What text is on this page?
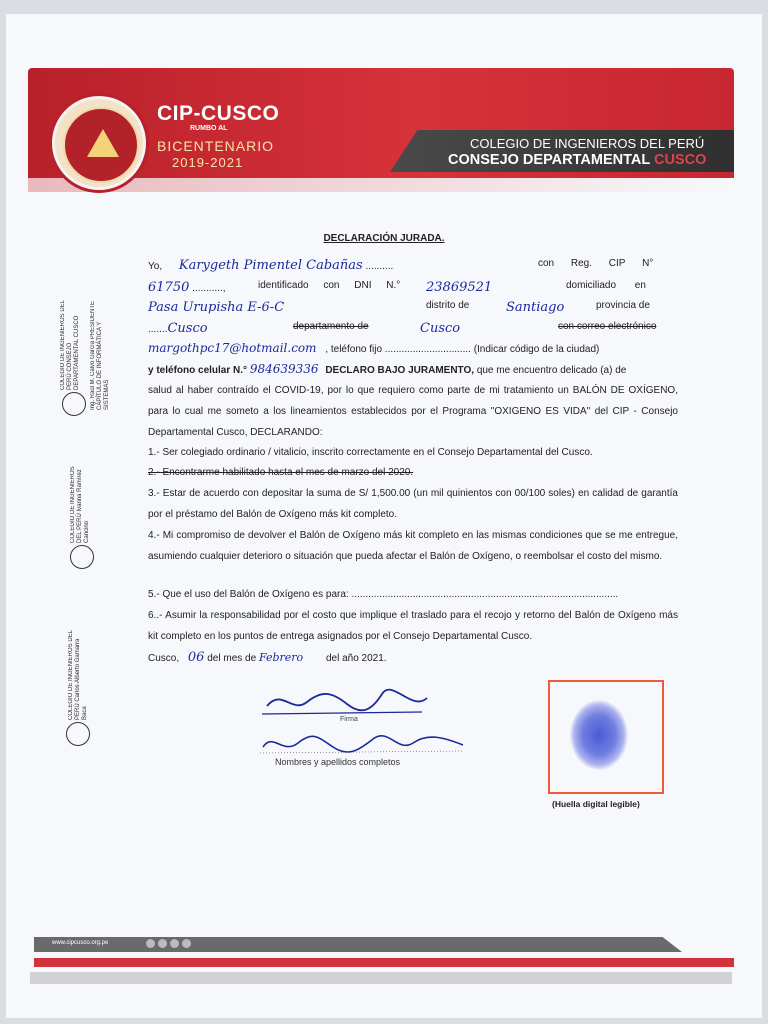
CIP-CUSCO
RUMBO AL
BICENTENARIO
2019-2021
COLEGIO DE INGENIEROS DEL PERÚ
CONSEJO DEPARTAMENTAL CUSCO
DECLARACIÓN JURADA.
Yo, Karygeth Pimentel Cabañas ..........	con Reg. CIP N°
61750 ...........,	identificado con DNI N.° 23869521	domiciliado en
Pasa Urupisha E-6-C	distrito de	Santiago	provincia de
.......Cusco	departamento de	Cusco	con correo electrónico
margothpc17@hotmail.com , teléfono fijo ............................... (Indicar código de la ciudad)
y teléfono celular N.° 984639336 DECLARO BAJO JURAMENTO, que me encuentro delicado (a) de
salud al haber contraído el COVID-19, por lo que requiero como parte de mi tratamiento un BALÓN DE OXÍGENO, para lo cual me someto a los lineamientos establecidos por el Programa "OXIGENO ES VIDA" del CIP - Consejo Departamental Cusco, DECLARANDO:
1.- Ser colegiado ordinario / vitalicio, inscrito correctamente en el Consejo Departamental del Cusco.
2.- Encontrarme habilitado hasta el mes de marzo del 2020.
3.- Estar de acuerdo con depositar la suma de S/ 1,500.00 (un mil quinientos con 00/100 soles) en calidad de garantía por el préstamo del Balón de Oxígeno más kit completo.
4.- Mi compromiso de devolver el Balón de Oxígeno más kit completo en las mismas condiciones que se me entregue, asumiendo cualquier deterioro o situación que pueda afectar el Balón de Oxígeno, o reembolsar el costo del mismo.
5.- Que el uso del Balón de Oxígeno es para: ................................................................................................
6..- Asumir la responsabilidad por el costo que implique el traslado para el recojo y retorno del Balón de Oxígeno más kit completo en los puntos de entrega asignados por el Consejo Departamental Cusco.
Cusco, 06 del mes de Febrero del año 2021.
COLEGIO DE INGENIEROS DEL PERÚ CONSEJO DEPARTAMENTAL CUSCO Ing. Raúl M. Calvo García PRESIDENTE CAPÍTULO DE INFORMÁTICA Y SISTEMAS
COLEGIO DE INGENIEROS DEL PERÚ Ivanna Ramírez Cancino
COLEGIO DE INGENIEROS DEL PERÚ Carlos Alberto Gamarra Baca	Firma
Nombres y apellidos completos
(Huella digital legible)
www.cipcusco.org.pe
